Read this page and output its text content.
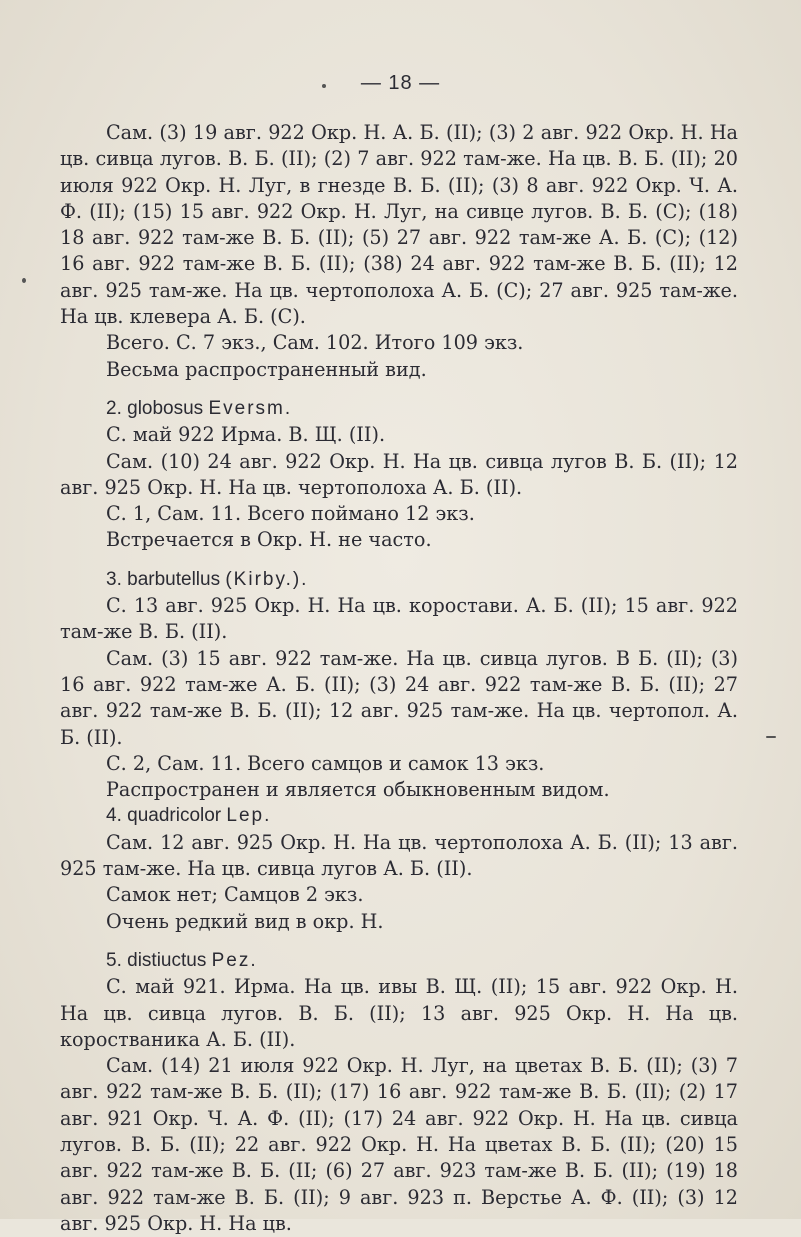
— 18 —

Сам. (3) 19 авг. 922 Окр. Н. А. Б. (II); (3) 2 авг. 922 Окр. Н. На цв. сивца лугов. В. Б. (II); (2) 7 авг. 922 там-же. На цв. В. Б. (II); 20 июля 922 Окр. Н. Луг, в гнезде В. Б. (II); (3) 8 авг. 922 Окр. Ч. А. Ф. (II); (15) 15 авг. 922 Окр. Н. Луг, на сивце лугов. В. Б. (С); (18) 18 авг. 922 там-же В. Б. (II); (5) 27 авг. 922 там-же А. Б. (С); (12) 16 авг. 922 там-же В. Б. (II); (38) 24 авг. 922 там-же В. Б. (II); 12 авг. 925 там-же. На цв. чертополоха А. Б. (С); 27 авг. 925 там-же. На цв. клевера А. Б. (С).

Всего. С. 7 экз., Сам. 102. Итого 109 экз.

Весьма распространенный вид.

2. globosus Eversm.

С. май 922 Ирма. В. Щ. (II).

Сам. (10) 24 авг. 922 Окр. Н. На цв. сивца лугов В. Б. (II); 12 авг. 925 Окр. Н. На цв. чертополоха А. Б. (II).

С. 1, Сам. 11. Всего поймано 12 экз.

Встречается в Окр. Н. не часто.

3. barbutellus (Kirby.).

С. 13 авг. 925 Окр. Н. На цв. коростави. А. Б. (II); 15 авг. 922 там-же В. Б. (II).

Сам. (3) 15 авг. 922 там-же. На цв. сивца лугов. В Б. (II); (3) 16 авг. 922 там-же А. Б. (II); (3) 24 авг. 922 там-же В. Б. (II); 27 авг. 922 там-же В. Б. (II); 12 авг. 925 там-же. На цв. чертопол. А. Б. (II).

С. 2, Сам. 11. Всего самцов и самок 13 экз.

Распространен и является обыкновенным видом.

4. quadricolor Lep.

Сам. 12 авг. 925 Окр. Н. На цв. чертополоха А. Б. (II); 13 авг. 925 там-же. На цв. сивца лугов А. Б. (II).

Самок нет; Самцов 2 экз.

Очень редкий вид в окр. Н.

5. distiuctus Pez.

С. май 921. Ирма. На цв. ивы В. Щ. (II); 15 авг. 922 Окр. Н. На цв. сивца лугов. В. Б. (II); 13 авг. 925 Окр. Н. На цв. коростваника А. Б. (II).

Сам. (14) 21 июля 922 Окр. Н. Луг, на цветах В. Б. (II); (3) 7 авг. 922 там-же В. Б. (II); (17) 16 авг. 922 там-же В. Б. (II); (2) 17 авг. 921 Окр. Ч. А. Ф. (II); (17) 24 авг. 922 Окр. Н. На цв. сивца лугов. В. Б. (II); 22 авг. 922 Окр. Н. На цветах В. Б. (II); (20) 15 авг. 922 там-же В. Б. (II; (6) 27 авг. 923 там-же В. Б. (II); (19) 18 авг. 922 там-же В. Б. (II); 9 авг. 923 п. Верстье А. Ф. (II); (3) 12 авг. 925 Окр. Н. На цв.
